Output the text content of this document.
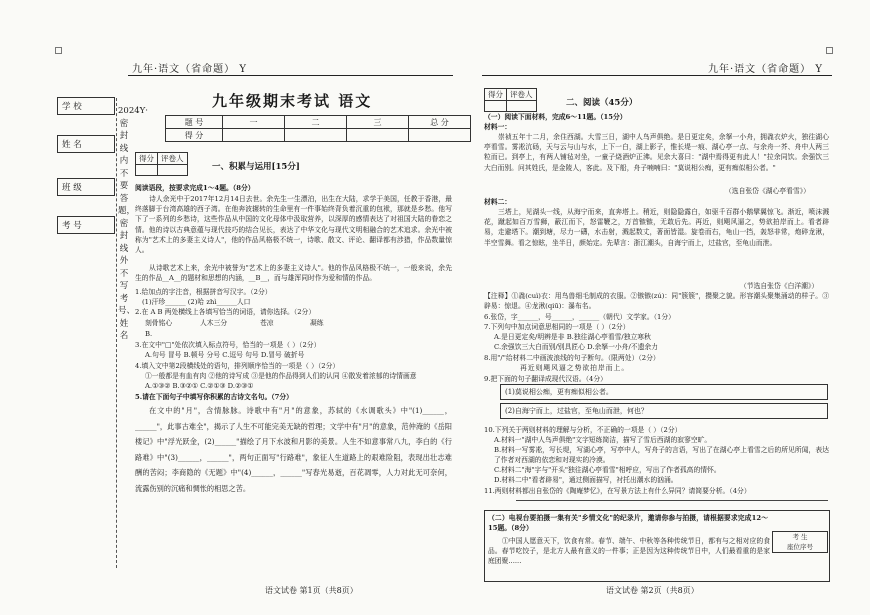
九年·语文（省命题） Y	九年·语文（省命题） Y
学 校
姓 名
班 级
考 号
2024Y·密封线内不要答题，密封线外不写考号、姓名
九年级期末考试 语文
题 号	一	二	三	总 分
得 分				
得分	评卷人

一、积累与运用[15分]
阅读语段，按要求完成1～4题。（8分）
诗人余光中于2017年12月14日去世。余先生一生漂泊，出生在大陆，求学于美国，任教于香港，最终落脚于台湾高雄的西子湾。在他奔波辗转的生命里有一件事始终背负着沉重的包袱，那就是乡愁。他写下了一系列的乡愁诗，这些作品从中国的文化母体中汲取营养，以深厚的感情表达了对祖国大陆的眷恋之情。他的诗以古典意蕴与现代技巧的结合见长，表达了中华文化与现代文明相融合的艺术追求。余光中被称为"艺术上的多妻主义诗人"，他的作品风格极不统一，诗歌、散文、评论、翻译都有涉猎，作品数量惊人。
从诗歌艺术上来，余光中被誉为"艺术上的多妻主义诗人"。他的作品风格极不统一，一般来说，余先生的作品__A__的题材和思想的内涵，__B__，而与雄浑同时作为爱和情的作品。
1.给加点的字注音，根据拼音写汉字。（2分）
(1)汗珍______ (2)哈 zhì______人口
2.在 A B 两处横线上各填写恰当的词语，请你选择。（2分）
刻骨铭心	人木三分	苍凉	凝练
B.
3.在文中"□"处依次填入标点符号，恰当的一项是（ ）（2分）
A.句号 冒号 B.顿号 分号 C.逗号 句号 D.冒号 破折号
4.填入文中第2段横线处的语句，排列顺序恰当的一项是（ ）（2分）
①一般都是有血有肉 ②他的诗写成 ③是他的作品得到人们的认同 ④散发着浓郁的诗情画意
A.①③② B.③②① C.②①③ D.②③①
5.请在下面句子中填写你积累的古诗文名句。（7分）
在文中的"月"，含情脉脉。诗歌中有"月"的意象，苏轼的《水调歌头》中"(1)______，______"，此事古难全"，揭示了人生不可能完美无缺的哲理；文学中有"月"的意象，范仲淹的《岳阳楼记》中"浮光跃金，(2)______"描绘了月下水波和月影的美景。人生不如意事常八九，李白的《行路难》中"(3)______，______"，两句正面写"行路难"，象征人生道路上的艰难险阻，表现出壮志难酬的苦闷；李商隐的《无题》中"(4)______，______"写春光易逝，百花凋零，人力对此无可奈何，流露伤别的沉痛和惆怅的相思之苦。
语文试卷 第1页（共8页）
得分	评卷人

二、阅读（45分）
（一）阅读下面材料，完成6～11题。（15分）
材料一：
崇祯五年十二月，余住西湖。大雪三日，湖中人鸟声俱绝。是日更定矣，余拏一小舟，拥毳衣炉火，独往湖心亭看雪。雾凇沆砀，天与云与山与水，上下一白，湖上影子，惟长堤一痕、湖心亭一点、与余舟一芥、舟中人两三粒而已。到亭上，有两人铺毡对坐，一童子烧酒炉正沸。见余大喜曰："湖中焉得更有此人！"拉余同饮。余强饮三大白而别。问其姓氏，是金陵人，客此。及下船，舟子喃喃曰："莫说相公痴，更有痴似相公者。"
（选自张岱《湖心亭看雪》）
材料二：
三塔上，见湖头一线，从海宁而来，直奔塔上。稍近，则隐隐露白，如驱千百群小鹅擘翼惊飞。渐近，喷沫溅花，蹴起如百万雪狮，蔽江而下，怒雷鞭之，万首镞镞，无敢后先。再近，则飓风逼之，势欲拍岸而上。看者辟易，走避塔下。潮到塘，尽力一礴，水击射，溅起数丈，著面皆湿。旋卷而右，龟山一挡，轰怒非常，炮碎龙湫，半空雪舞。看之惊眩，坐半日，颜始定。先辈言：浙江潮头，自海宁而上，过盐官，至龟山而泄。
（节选自张岱《白洋潮》）
【注释】①毳(cuì)衣：用鸟兽细毛制成的衣服。②镞镞(zú)：同"簇簇"，攒聚之貌。形容潮头聚集涌动的样子。③辟易：惊退。④龙湫(qiū)：瀑布名。
6.张岱，字______，号______，______（朝代）文学家。（1分）
7.下列句中加点词意思相同的一项是（ ）（2分）
A.是日更定矣/明辨是非 B.独往湖心亭看雪/独立寒秋
C.余强饮三大白而别/别具匠心 D.余拏一小舟/不遗余力
8.用"/"给材料二中画波浪线的句子断句。（限两处）（2分）
再近则飓风逼之势欲拍岸而上。
9.把下面的句子翻译成现代汉语。（4分）
(1)莫说相公痴，更有痴似相公者。
(2)自海宁而上，过盐官，至龟山而泄，何也？
10.下列关于两则材料的理解与分析，不正确的一项是（ ）（2分）
A.材料一"湖中人鸟声俱绝"文字短练简洁，描写了雪后西湖的寂寥空旷。
B.材料一写雾凇，写长堤，写湖心亭，写亭中人，写舟子的言语，写出了在湖心亭上看雪之后的所见所闻，表达了作者对西湖的依恋和对现实的冷漠。
C.材料二"海"字与"开头"独往湖心亭看雪"相呼应，写出了作者孤高的情怀。
D.材料二中"看者辟易"，通过侧面描写，衬托出潮水的汹涌。
11.两则材料都出自张岱的《陶庵梦忆》，在写景方法上有什么异同？请简要分析。（4分）
（二）电视台要拍摄一集有关"乡情文化"的纪录片，邀请你参与拍摄，请根据要求完成12～15题。（8分）
考 生
座位序号
①中国人愿意天下，饮食有常。春节、端午、中秋等各种传统节日，都有与之相对应的食品。春节吃饺子，是北方人最有意义的一件事；正是因为这种传统节日中，人们最看重的是家庭团聚......
语文试卷 第2页（共8页）
